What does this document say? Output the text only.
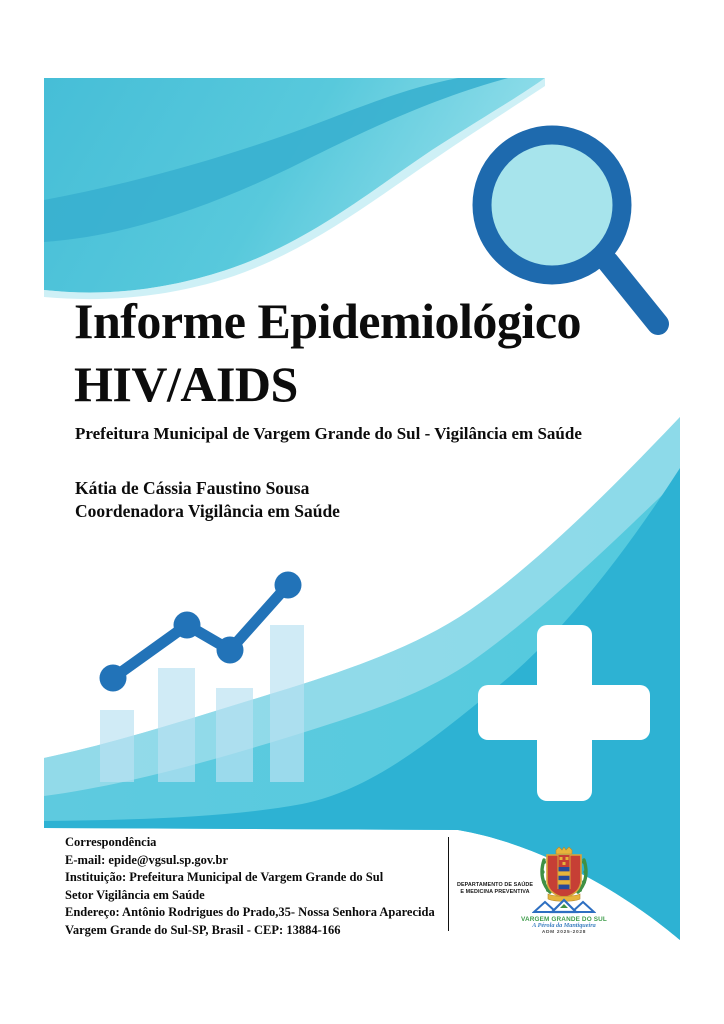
Informe Epidemiológico
HIV/AIDS
Prefeitura Municipal de Vargem Grande do Sul - Vigilância em Saúde
Kátia de Cássia Faustino Sousa
Coordenadora Vigilância em Saúde
Correspondência
E-mail: epide@vgsul.sp.gov.br
Instituição: Prefeitura Municipal de Vargem Grande do Sul
Setor Vigilância em Saúde
Endereço: Antônio Rodrigues do Prado,35- Nossa Senhora Aparecida
Vargem Grande do Sul-SP, Brasil - CEP: 13884-166
DEPARTAMENTO DE SAÚDE
E MEDICINA PREVENTIVA
VARGEM GRANDE DO SUL
A Pérola da Mantiqueira
ADM 2025-2028
